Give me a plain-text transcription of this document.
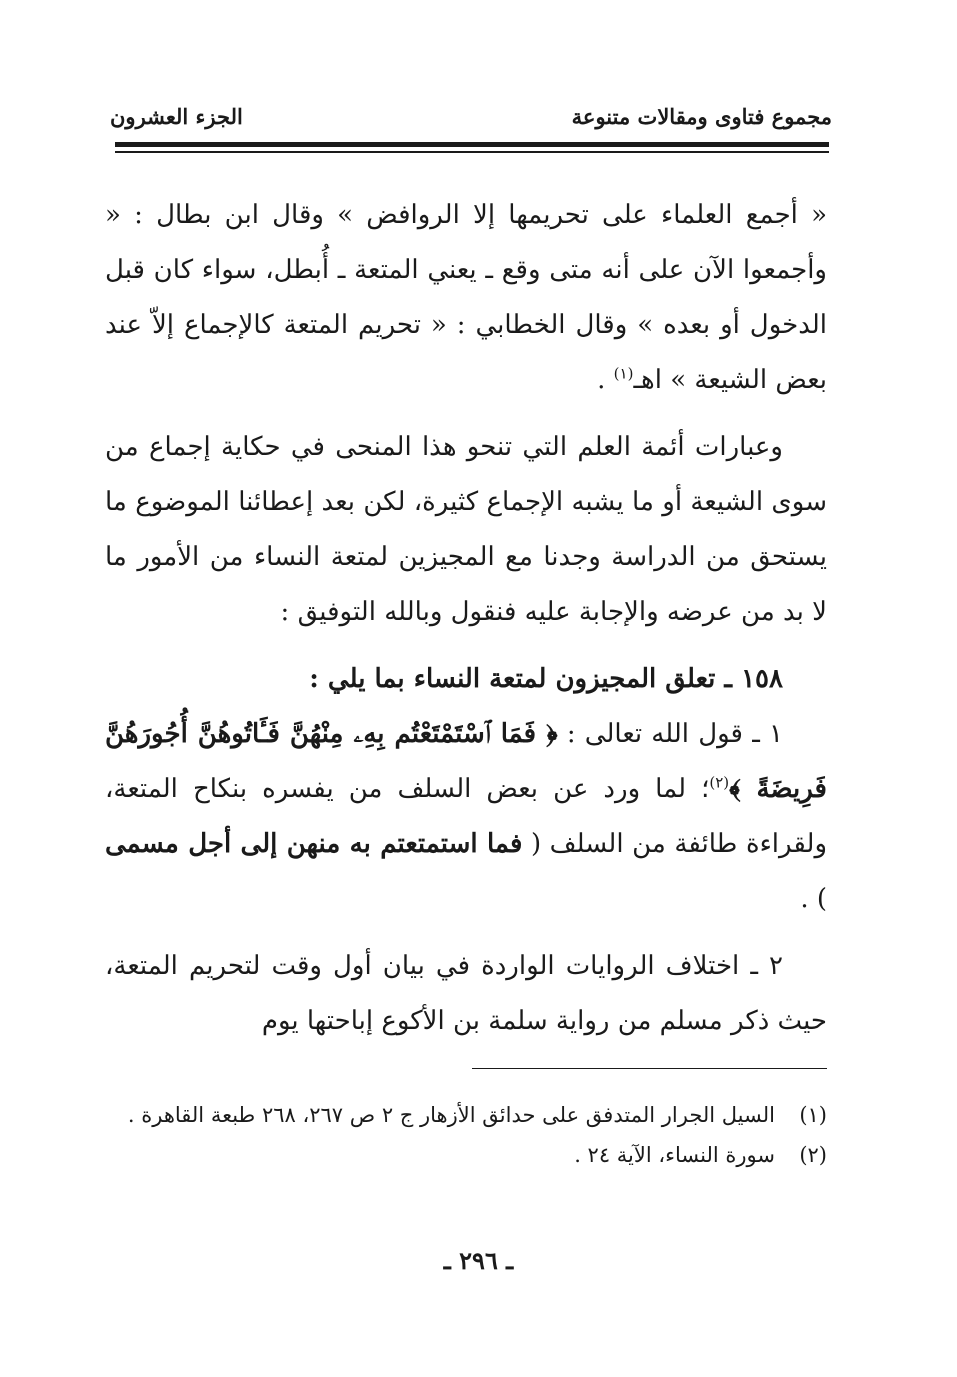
مجموع فتاوى ومقالات متنوعة
الجزء العشرون

« أجمع العلماء على تحريمها إلا الروافض » وقال ابن بطال : « وأجمعوا الآن على أنه متى وقع ـ يعني المتعة ـ أُبطل، سواء كان قبل الدخول أو بعده » وقال الخطابي : « تحريم المتعة كالإجماع إلاّ عند بعض الشيعة » اهـ$^{(١)}$ .

وعبارات أئمة العلم التي تنحو هذا المنحى في حكاية إجماع من سوى الشيعة أو ما يشبه الإجماع كثيرة، لكن بعد إعطائنا الموضوع ما يستحق من الدراسة وجدنا مع المجيزين لمتعة النساء من الأمور ما لا بد من عرضه والإجابة عليه فنقول وبالله التوفيق :

١٥٨ ـ تعلق المجيزون لمتعة النساء بما يلي :

١ ـ قول الله تعالى : ﴿ فَمَا ٱسْتَمْتَعْتُم بِهِۦ مِنْهُنَّ فَـَٔاتُوهُنَّ أُجُورَهُنَّ فَرِيضَةً ﴾$^{(٢)}$؛ لما ورد عن بعض السلف من يفسره بنكاح المتعة، ولقراءة طائفة من السلف ( فما استمتعتم به منهن إلى أجل مسمى ) .

٢ ـ اختلاف الروايات الواردة في بيان أول وقت لتحريم المتعة، حيث ذكر مسلم من رواية سلمة بن الأكوع إباحتها يوم

(١)
السيل الجرار المتدفق على حدائق الأزهار ج ٢ ص ٢٦٧، ٢٦٨ طبعة القاهرة .
(٢)
سورة النساء، الآية ٢٤ .
ـ ٢٩٦ ـ
